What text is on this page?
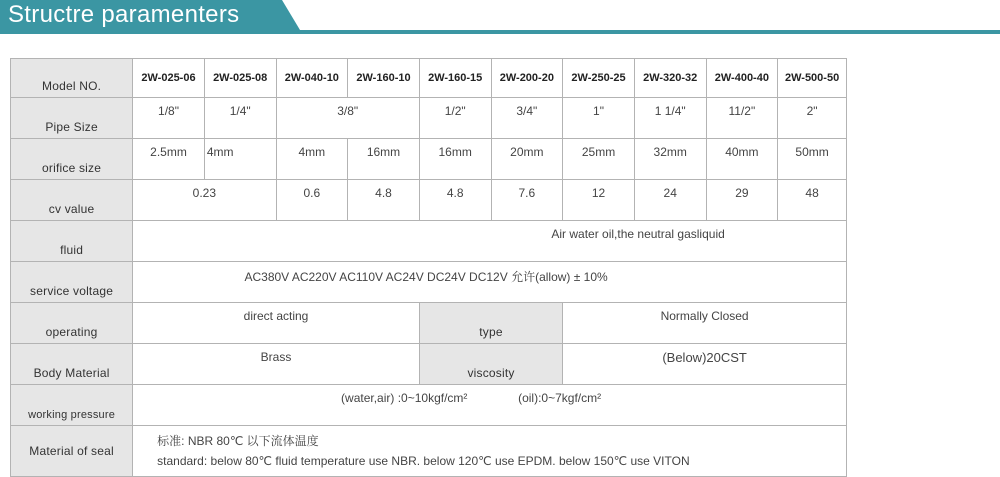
Structre paramenters
Model NO.	2W-025-06	2W-025-08	2W-040-10	2W-160-10	2W-160-15	2W-200-20	2W-250-25	2W-320-32	2W-400-40	2W-500-50
Pipe Size	1/8"	1/4"	3/8"		1/2"	3/4"	1"	1 1/4"	11/2"	2"
orifice size	2.5mm	4mm	4mm	16mm	16mm	20mm	25mm	32mm	40mm	50mm
cv value	0.23		0.6	4.8	4.8	7.6	12	24	29	48
fluid	Air water oil,the neutral gasliquid									
service voltage	AC380V AC220V AC110V AC24V DC24V DC12V 允许(allow) ± 10%									
operating	direct acting				type		Normally Closed			
Body Material	Brass				viscosity		(Below)20CST			
working pressure	(water,air) :0~10kgf/cm² (oil):0~7kgf/cm²									
Material of seal	标准: NBR 80℃ 以下流体温度
standard: below 80℃ fluid temperature use NBR. below 120℃ use EPDM. below 150℃ use VITON									
